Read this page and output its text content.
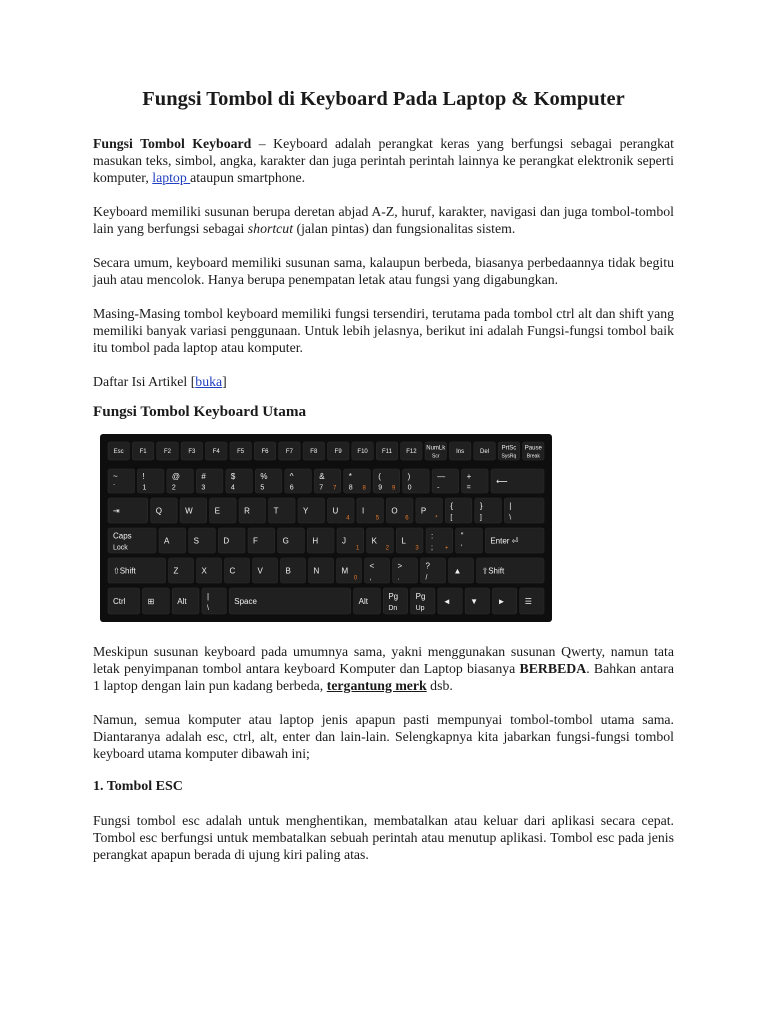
Fungsi Tombol di Keyboard Pada Laptop & Komputer

Fungsi Tombol Keyboard – Keyboard adalah perangkat keras yang berfungsi sebagai perangkat masukan teks, simbol, angka, karakter dan juga perintah perintah lainnya ke perangkat elektronik seperti komputer, laptop ataupun smartphone.

Keyboard memiliki susunan berupa deretan abjad A-Z, huruf, karakter, navigasi dan juga tombol-tombol lain yang berfungsi sebagai shortcut (jalan pintas) dan fungsionalitas sistem.

Secara umum, keyboard memiliki susunan sama, kalaupun berbeda, biasanya perbedaannya tidak begitu jauh atau mencolok. Hanya berupa penempatan letak atau fungsi yang digabungkan.

Masing-Masing tombol keyboard memiliki fungsi tersendiri, terutama pada tombol ctrl alt dan shift yang memiliki banyak variasi penggunaan. Untuk lebih jelasnya, berikut ini adalah Fungsi-fungsi tombol baik itu tombol pada laptop atau komputer.

Daftar Isi Artikel [buka]

Fungsi Tombol Keyboard Utama
Esc	F1	F2	F3	F4	F5	F6	F7	F8	F9	F10 F11 F12
NumLk
Scr
Ins	Del
PrtSc
SysRq
Pause
Break
~
`
!
1
@
2
#
3
$
4
%
5
^
6
&
7 7
*
8 8
(
9 9
)
0
—
-
+
=
⟵
⇥	Q	W	E	R	T	Y	U
4
I
5
O
6
P
*
{
[
}
]
|
\
Caps
Lock
A	S	D	F	G	H	J
1
K
2
L
3
:
; +
"
'
Enter ⏎
⇧Shift	Z	X	C	V	B	N	M
0
<
,
>
.
?
/
▲	⇧Shift
Ctrl	⊞	Alt
|
\
Space	Alt
Pg
Dn
Pg
Up
◄ ▼ ► ☰

Meskipun susunan keyboard pada umumnya sama, yakni menggunakan susunan Qwerty, namun tata letak penyimpanan tombol antara keyboard Komputer dan Laptop biasanya BERBEDA. Bahkan antara 1 laptop dengan lain pun kadang berbeda, tergantung merk dsb.

Namun, semua komputer atau laptop jenis apapun pasti mempunyai tombol-tombol utama sama. Diantaranya adalah esc, ctrl, alt, enter dan lain-lain. Selengkapnya kita jabarkan fungsi-fungsi tombol keyboard utama komputer dibawah ini;

1. Tombol ESC

Fungsi tombol esc adalah untuk menghentikan, membatalkan atau keluar dari aplikasi secara cepat. Tombol esc berfungsi untuk membatalkan sebuah perintah atau menutup aplikasi. Tombol esc pada jenis perangkat apapun berada di ujung kiri paling atas.
